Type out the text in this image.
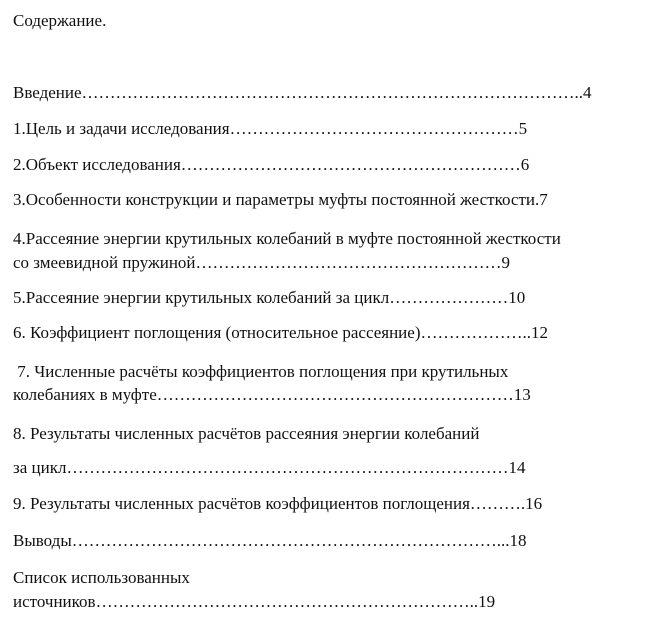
Содержание.
Введение……………………………………………………………………………..4
1.Цель и задачи исследования……………………………………………5
2.Объект исследования……………………………………………………6
3.Особенности конструкции и параметры муфты постоянной жесткости.7
4.Рассеяние энергии крутильных колебаний в муфте постоянной жесткости
со змеевидной пружиной………………………………………………9
5.Рассеяние энергии крутильных колебаний за цикл…………………10
6. Коэффициент поглощения (относительное рассеяние)………………..12
7. Численные расчёты коэффициентов поглощения при крутильных
колебаниях в муфте………………………………………………………13
8. Результаты численных расчётов рассеяния энергии колебаний
за цикл……………………………………………………………………14
9. Результаты численных расчётов коэффициентов поглощения……….16
Выводы…………………………………………………………………...18
Список использованных
источников…………………………………………………………..19
